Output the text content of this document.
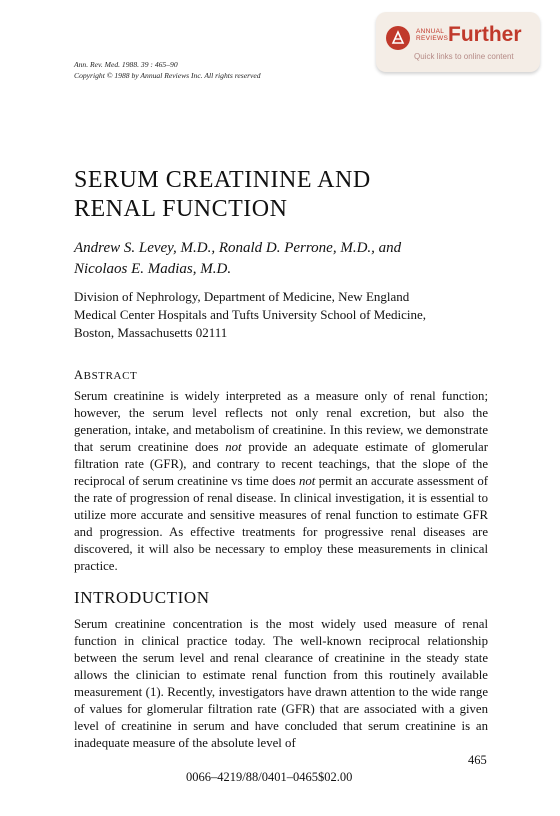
ANNUAL
REVIEWS Further
Quick links to online content
Ann. Rev. Med. 1988. 39 : 465–90
Copyright © 1988 by Annual Reviews Inc. All rights reserved
SERUM CREATININE AND
RENAL FUNCTION
Andrew S. Levey, M.D., Ronald D. Perrone, M.D., and
Nicolaos E. Madias, M.D.
Division of Nephrology, Department of Medicine, New England
Medical Center Hospitals and Tufts University School of Medicine,
Boston, Massachusetts 02111
ABSTRACT
Serum creatinine is widely interpreted as a measure only of renal function; however, the serum level reflects not only renal excretion, but also the generation, intake, and metabolism of creatinine. In this review, we demonstrate that serum creatinine does not provide an adequate estimate of glomerular filtration rate (GFR), and contrary to recent teachings, that the slope of the reciprocal of serum creatinine vs time does not permit an accurate assessment of the rate of progression of renal disease. In clinical investigation, it is essential to utilize more accurate and sensitive measures of renal function to estimate GFR and progression. As effective treatments for progressive renal diseases are discovered, it will also be necessary to employ these measurements in clinical practice.
INTRODUCTION
Serum creatinine concentration is the most widely used measure of renal function in clinical practice today. The well-known reciprocal relationship between the serum level and renal clearance of creatinine in the steady state allows the clinician to estimate renal function from this routinely available measurement (1). Recently, investigators have drawn attention to the wide range of values for glomerular filtration rate (GFR) that are associated with a given level of creatinine in serum and have concluded that serum creatinine is an inadequate measure of the absolute level of
465
0066–4219/88/0401–0465$02.00
